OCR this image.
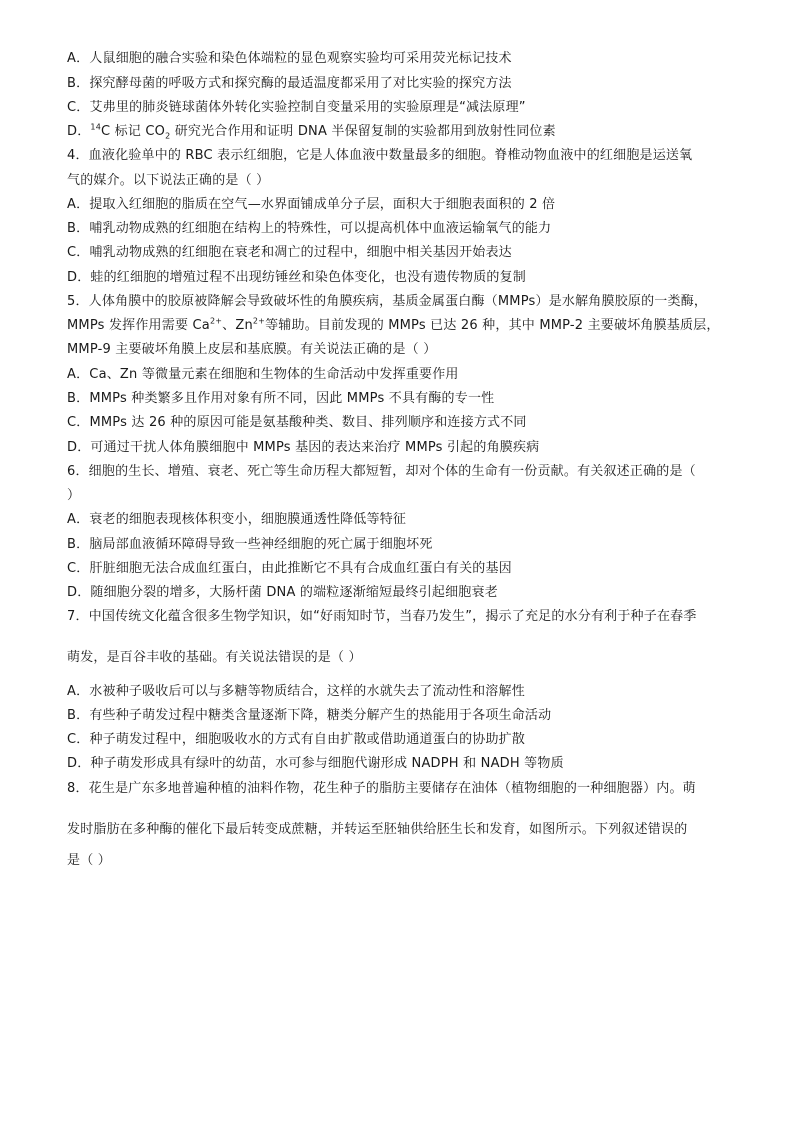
A．人鼠细胞的融合实验和染色体端粒的显色观察实验均可采用荧光标记技术
B．探究酵母菌的呼吸方式和探究酶的最适温度都采用了对比实验的探究方法
C．艾弗里的肺炎链球菌体外转化实验控制自变量采用的实验原理是“减法原理”
D．$^{14}$C 标记 $CO_2$ 研究光合作用和证明 DNA 半保留复制的实验都用到放射性同位素
4．血液化验单中的 RBC 表示红细胞，它是人体血液中数量最多的细胞。脊椎动物血液中的红细胞是运送氧
气的媒介。以下说法正确的是（ ）
A．提取入红细胞的脂质在空气—水界面铺成单分子层，面积大于细胞表面积的 2 倍
B．哺乳动物成熟的红细胞在结构上的特殊性，可以提高机体中血液运输氧气的能力
C．哺乳动物成熟的红细胞在衰老和凋亡的过程中，细胞中相关基因开始表达
D．蛙的红细胞的增殖过程不出现纺锤丝和染色体变化，也没有遗传物质的复制
5．人体角膜中的胶原被降解会导致破坏性的角膜疾病，基质金属蛋白酶（MMPs）是水解角膜胶原的一类酶，
MMPs 发挥作用需要 $Ca^{2+}$、$Zn^{2+}$等辅助。目前发现的 MMPs 已达 26 种，其中 MMP-2 主要破坏角膜基质层，
MMP-9 主要破坏角膜上皮层和基底膜。有关说法正确的是（ ）
A．Ca、Zn 等微量元素在细胞和生物体的生命活动中发挥重要作用
B．MMPs 种类繁多且作用对象有所不同，因此 MMPs 不具有酶的专一性
C．MMPs 达 26 种的原因可能是氨基酸种类、数目、排列顺序和连接方式不同
D．可通过干扰人体角膜细胞中 MMPs 基因的表达来治疗 MMPs 引起的角膜疾病
6．细胞的生长、增殖、衰老、死亡等生命历程大都短暂，却对个体的生命有一份贡献。有关叙述正确的是（
）
A．衰老的细胞表现核体积变小，细胞膜通透性降低等特征
B．脑局部血液循环障碍导致一些神经细胞的死亡属于细胞坏死
C．肝脏细胞无法合成血红蛋白，由此推断它不具有合成血红蛋白有关的基因
D．随细胞分裂的增多，大肠杆菌 DNA 的端粒逐渐缩短最终引起细胞衰老
7．中国传统文化蕴含很多生物学知识，如“好雨知时节，当春乃发生”，揭示了充足的水分有利于种子在春季
萌发，是百谷丰收的基础。有关说法错误的是（ ）
A．水被种子吸收后可以与多糖等物质结合，这样的水就失去了流动性和溶解性
B．有些种子萌发过程中糖类含量逐渐下降，糖类分解产生的热能用于各项生命活动
C．种子萌发过程中，细胞吸收水的方式有自由扩散或借助通道蛋白的协助扩散
D．种子萌发形成具有绿叶的幼苗，水可参与细胞代谢形成 NADPH 和 NADH 等物质
8．花生是广东多地普遍种植的油料作物，花生种子的脂肪主要储存在油体（植物细胞的一种细胞器）内。萌
发时脂肪在多种酶的催化下最后转变成蔗糖，并转运至胚轴供给胚生长和发育，如图所示。下列叙述错误的
是（ ）
